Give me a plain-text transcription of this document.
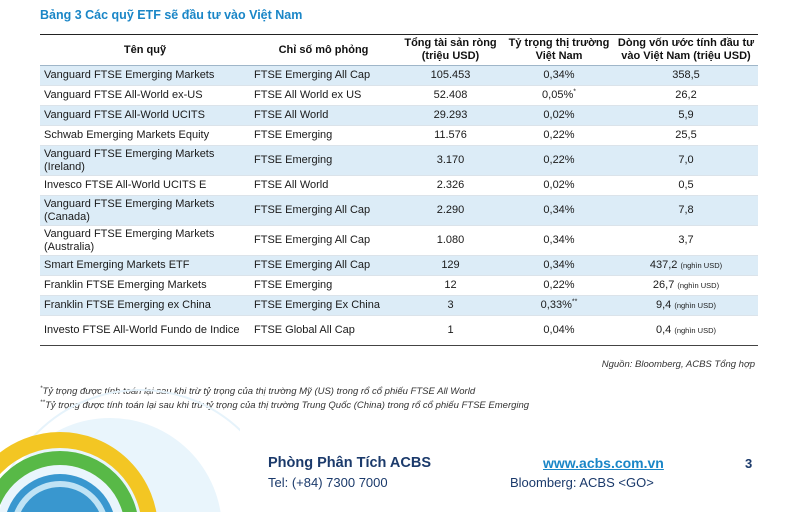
Bảng 3 Các quỹ ETF sẽ đầu tư vào Việt Nam
Tên quỹ	Chỉ số mô phỏng	Tổng tài sản ròng (triệu USD)	Tỷ trọng thị trường Việt Nam	Dòng vốn ước tính đầu tư vào Việt Nam (triệu USD)
Vanguard FTSE Emerging Markets	FTSE Emerging All Cap	105.453	0,34%	358,5
Vanguard FTSE All-World ex-US	FTSE All World ex US	52.408	0,05%*	26,2
Vanguard FTSE All-World UCITS	FTSE All World	29.293	0,02%	5,9
Schwab Emerging Markets Equity	FTSE Emerging	11.576	0,22%	25,5
Vanguard FTSE Emerging Markets (Ireland)	FTSE Emerging	3.170	0,22%	7,0
Invesco FTSE All-World UCITS E	FTSE All World	2.326	0,02%	0,5
Vanguard FTSE Emerging Markets (Canada)	FTSE Emerging All Cap	2.290	0,34%	7,8
Vanguard FTSE Emerging Markets (Australia)	FTSE Emerging All Cap	1.080	0,34%	3,7
Smart Emerging Markets ETF	FTSE Emerging All Cap	129	0,34%	437,2 (nghìn USD)
Franklin FTSE Emerging Markets	FTSE Emerging	12	0,22%	26,7 (nghìn USD)
Franklin FTSE Emerging ex China	FTSE Emerging Ex China	3	0,33%**	9,4 (nghìn USD)
Investo FTSE All-World Fundo de Indice	FTSE Global All Cap	1	0,04%	0,4 (nghìn USD)
Nguồn: Bloomberg, ACBS Tổng hợp
*Tỷ trọng được tính toán lại sau khi trừ tỷ trọng của thị trường Mỹ (US) trong rổ cổ phiếu FTSE All World
**Tỷ trọng được tính toán lại sau khi trừ tỷ trọng của thị trường Trung Quốc (China) trong rổ cổ phiếu FTSE Emerging
Phòng Phân Tích ACBS
Tel: (+84) 7300 7000
www.acbs.com.vn
Bloomberg: ACBS <GO>
3
